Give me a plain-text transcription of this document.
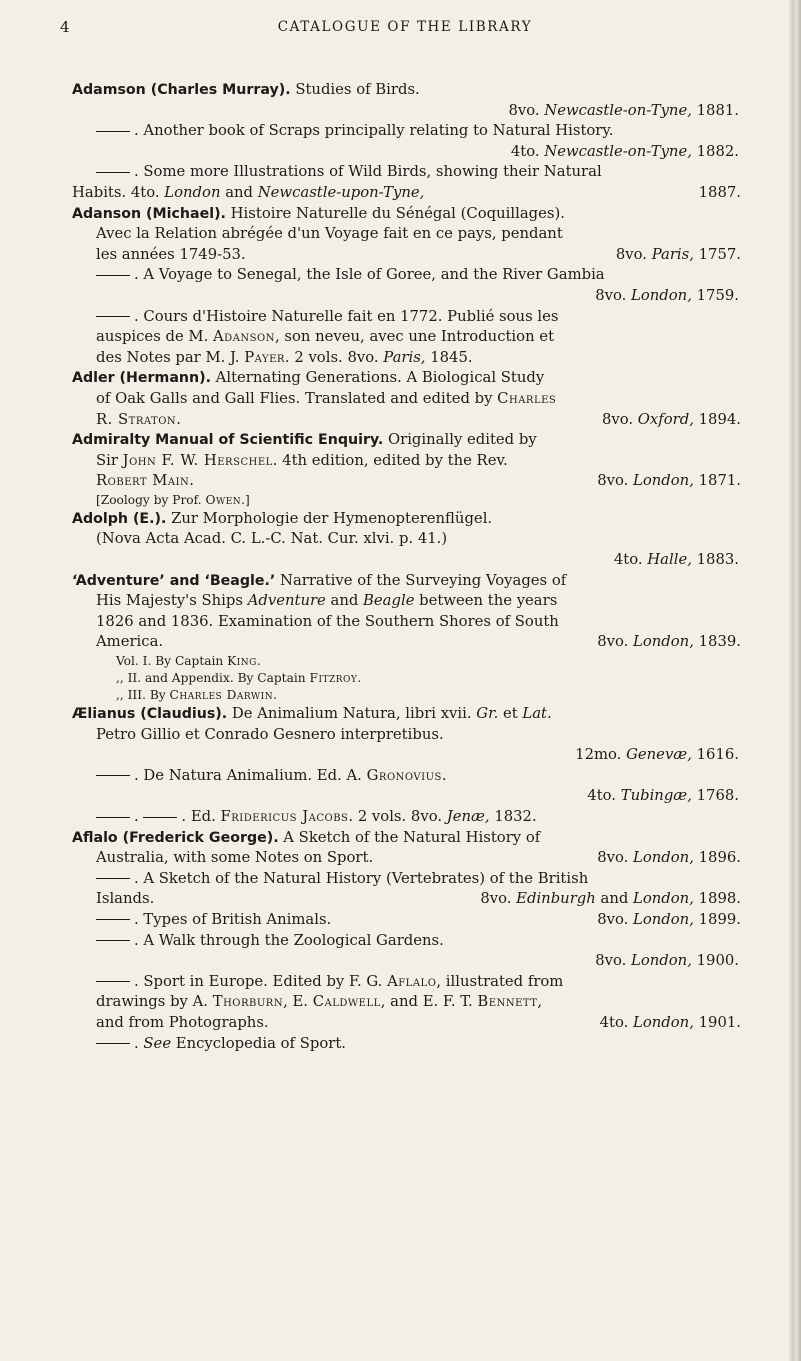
4	CATALOGUE OF THE LIBRARY
Adamson (Charles Murray). Studies of Birds.
8vo. Newcastle-on-Tyne, 1881.
. Another book of Scraps principally relating to Natural History.
4to. Newcastle-on-Tyne, 1882.
. Some more Illustrations of Wild Birds, showing their Natural
Habits. 4to. London and Newcastle-upon-Tyne,	1887.
Adanson (Michael). Histoire Naturelle du Sénégal (Coquillages).
Avec la Relation abrégée d'un Voyage fait en ce pays, pendant
les années 1749-53.	8vo. Paris, 1757.
. A Voyage to Senegal, the Isle of Goree, and the River Gambia
8vo. London, 1759.
. Cours d'Histoire Naturelle fait en 1772. Publié sous les
auspices de M. Adanson, son neveu, avec une Introduction et
des Notes par M. J. Payer. 2 vols. 8vo. Paris, 1845.
Adler (Hermann). Alternating Generations. A Biological Study
of Oak Galls and Gall Flies. Translated and edited by Charles
R. Straton.	8vo. Oxford, 1894.
Admiralty Manual of Scientific Enquiry. Originally edited by
Sir John F. W. Herschel. 4th edition, edited by the Rev.
Robert Main.	8vo. London, 1871.
[Zoology by Prof. Owen.]
Adolph (E.). Zur Morphologie der Hymenopterenflügel.
(Nova Acta Acad. C. L.-C. Nat. Cur. xlvi. p. 41.)
4to. Halle, 1883.
‘Adventure’ and ‘Beagle.’ Narrative of the Surveying Voyages of
His Majesty's Ships Adventure and Beagle between the years
1826 and 1836. Examination of the Southern Shores of South
America.	8vo. London, 1839.
Vol. I. By Captain King.
,, II. and Appendix. By Captain Fitzroy.
,, III. By Charles Darwin.
Ælianus (Claudius). De Animalium Natura, libri xvii. Gr. et Lat.
Petro Gillio et Conrado Gesnero interpretibus.
12mo. Genevæ, 1616.
. De Natura Animalium. Ed. A. Gronovius.
4to. Tubingæ, 1768.
.	. Ed. Fridericus Jacobs. 2 vols. 8vo. Jenæ, 1832.
Aflalo (Frederick George). A Sketch of the Natural History of
Australia, with some Notes on Sport.	8vo. London, 1896.
. A Sketch of the Natural History (Vertebrates) of the British
Islands.	8vo. Edinburgh and London, 1898.
. Types of British Animals.	8vo. London, 1899.
. A Walk through the Zoological Gardens.
8vo. London, 1900.
. Sport in Europe. Edited by F. G. Aflalo, illustrated from
drawings by A. Thorburn, E. Caldwell, and E. F. T. Bennett,
and from Photographs.	4to. London, 1901.
. See Encyclopedia of Sport.
